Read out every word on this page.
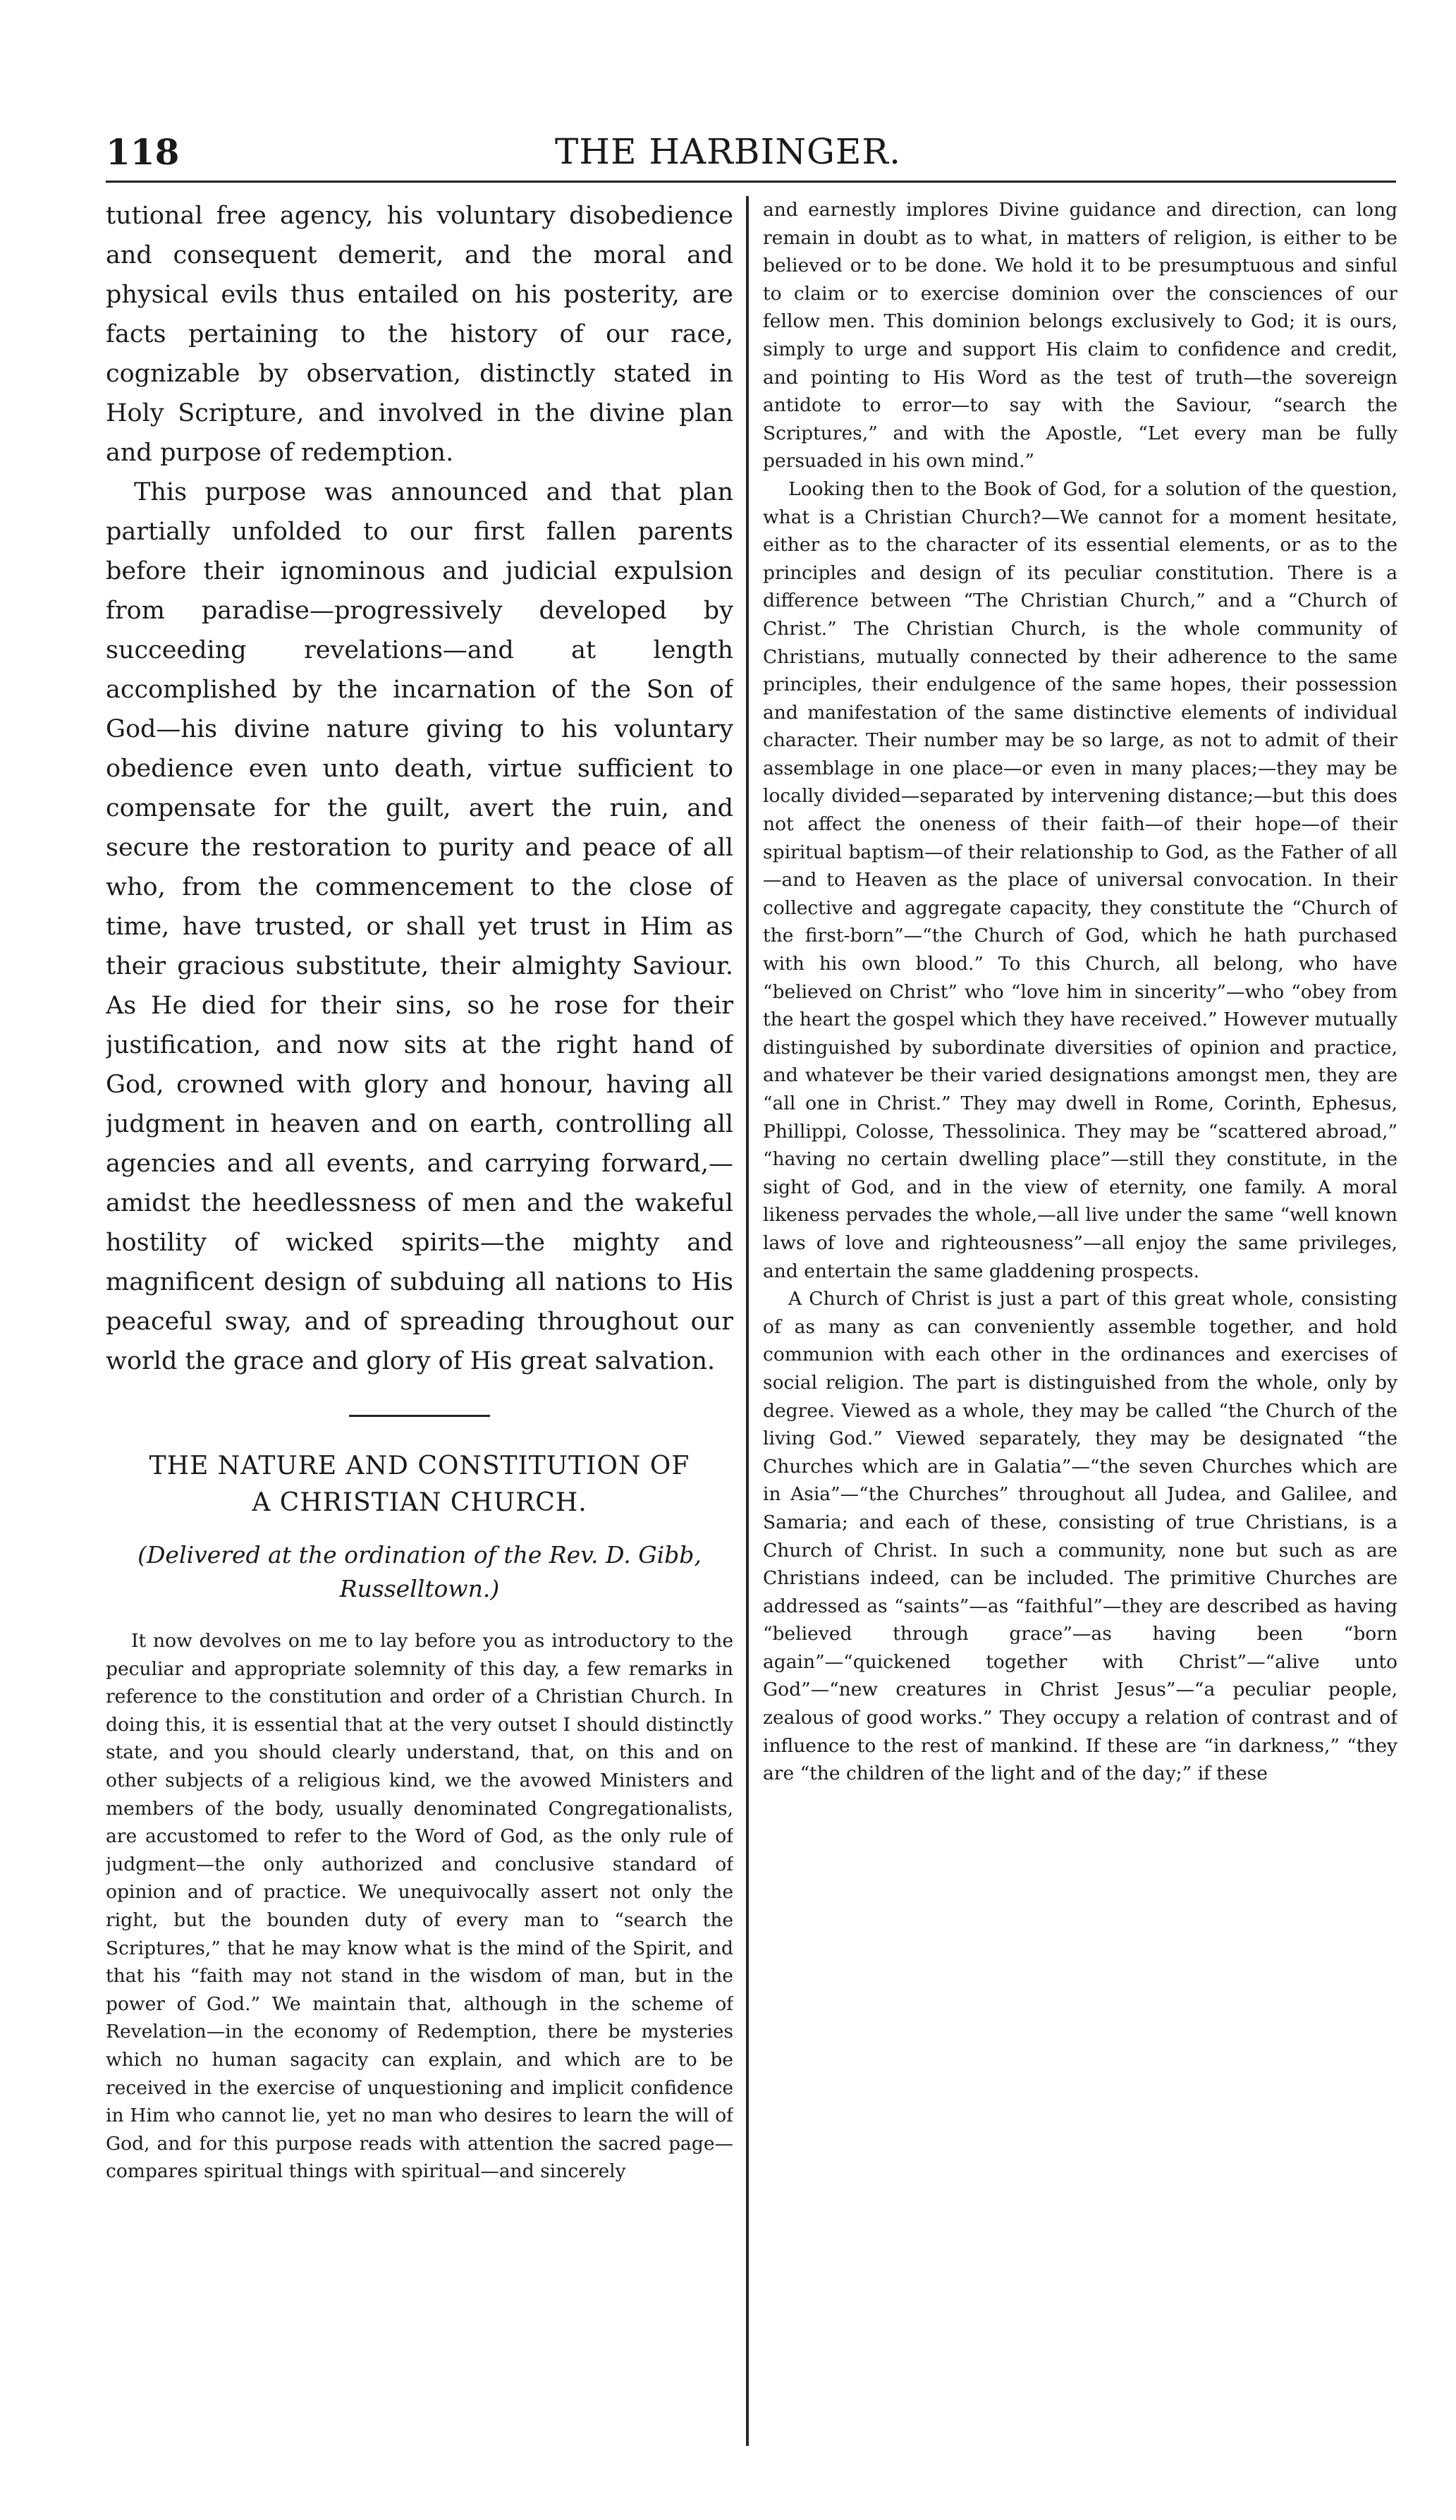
118	THE HARBINGER.

tutional free agency, his voluntary disobedience and consequent demerit, and the moral and physical evils thus entailed on his posterity, are facts pertaining to the history of our race, cognizable by observation, distinctly stated in Holy Scripture, and involved in the divine plan and purpose of redemption.

This purpose was announced and that plan partially unfolded to our first fallen parents before their ignominous and judicial expulsion from paradise—progressively developed by succeeding revelations—and at length accomplished by the incarnation of the Son of God—his divine nature giving to his voluntary obedience even unto death, virtue sufficient to compensate for the guilt, avert the ruin, and secure the restoration to purity and peace of all who, from the commencement to the close of time, have trusted, or shall yet trust in Him as their gracious substitute, their almighty Saviour. As He died for their sins, so he rose for their justification, and now sits at the right hand of God, crowned with glory and honour, having all judgment in heaven and on earth, controlling all agencies and all events, and carrying forward,—amidst the heedlessness of men and the wakeful hostility of wicked spirits—the mighty and magnificent design of subduing all nations to His peaceful sway, and of spreading throughout our world the grace and glory of His great salvation.

THE NATURE AND CONSTITUTION OF
A CHRISTIAN CHURCH.
(Delivered at the ordination of the Rev. D. Gibb,
Russelltown.)

It now devolves on me to lay before you as introductory to the peculiar and appropriate solemnity of this day, a few remarks in reference to the constitution and order of a Christian Church. In doing this, it is essential that at the very outset I should distinctly state, and you should clearly understand, that, on this and on other subjects of a religious kind, we the avowed Ministers and members of the body, usually denominated Congregationalists, are accustomed to refer to the Word of God, as the only rule of judgment—the only authorized and conclusive standard of opinion and of practice. We unequivocally assert not only the right, but the bounden duty of every man to “search the Scriptures,” that he may know what is the mind of the Spirit, and that his “faith may not stand in the wisdom of man, but in the power of God.” We maintain that, although in the scheme of Revelation—in the economy of Redemption, there be mysteries which no human sagacity can explain, and which are to be received in the exercise of unquestioning and implicit confidence in Him who cannot lie, yet no man who desires to learn the will of God, and for this purpose reads with attention the sacred page—compares spiritual things with spiritual—and sincerely

and earnestly implores Divine guidance and direction, can long remain in doubt as to what, in matters of religion, is either to be believed or to be done. We hold it to be presumptuous and sinful to claim or to exercise dominion over the consciences of our fellow men. This dominion belongs exclusively to God; it is ours, simply to urge and support His claim to confidence and credit, and pointing to His Word as the test of truth—the sovereign antidote to error—to say with the Saviour, “search the Scriptures,” and with the Apostle, “Let every man be fully persuaded in his own mind.”

Looking then to the Book of God, for a solution of the question, what is a Christian Church?—We cannot for a moment hesitate, either as to the character of its essential elements, or as to the principles and design of its peculiar constitution. There is a difference between “The Christian Church,” and a “Church of Christ.” The Christian Church, is the whole community of Christians, mutually connected by their adherence to the same principles, their endulgence of the same hopes, their possession and manifestation of the same distinctive elements of individual character. Their number may be so large, as not to admit of their assemblage in one place—or even in many places;—they may be locally divided—separated by intervening distance;—but this does not affect the oneness of their faith—of their hope—of their spiritual baptism—of their relationship to God, as the Father of all—and to Heaven as the place of universal convocation. In their collective and aggregate capacity, they constitute the “Church of the first-born”—“the Church of God, which he hath purchased with his own blood.” To this Church, all belong, who have “believed on Christ” who “love him in sincerity”—who “obey from the heart the gospel which they have received.” However mutually distinguished by subordinate diversities of opinion and practice, and whatever be their varied designations amongst men, they are “all one in Christ.” They may dwell in Rome, Corinth, Ephesus, Phillippi, Colosse, Thessolinica. They may be “scattered abroad,” “having no certain dwelling place”—still they constitute, in the sight of God, and in the view of eternity, one family. A moral likeness pervades the whole,—all live under the same “well known laws of love and righteousness”—all enjoy the same privileges, and entertain the same gladdening prospects.

A Church of Christ is just a part of this great whole, consisting of as many as can conveniently assemble together, and hold communion with each other in the ordinances and exercises of social religion. The part is distinguished from the whole, only by degree. Viewed as a whole, they may be called “the Church of the living God.” Viewed separately, they may be designated “the Churches which are in Galatia”—“the seven Churches which are in Asia”—“the Churches” throughout all Judea, and Galilee, and Samaria; and each of these, consisting of true Christians, is a Church of Christ. In such a community, none but such as are Christians indeed, can be included. The primitive Churches are addressed as “saints”—as “faithful”—they are described as having “believed through grace”—as having been “born again”—“quickened together with Christ”—“alive unto God”—“new creatures in Christ Jesus”—“a peculiar people, zealous of good works.” They occupy a relation of contrast and of influence to the rest of mankind. If these are “in darkness,” “they are “the children of the light and of the day;” if these
